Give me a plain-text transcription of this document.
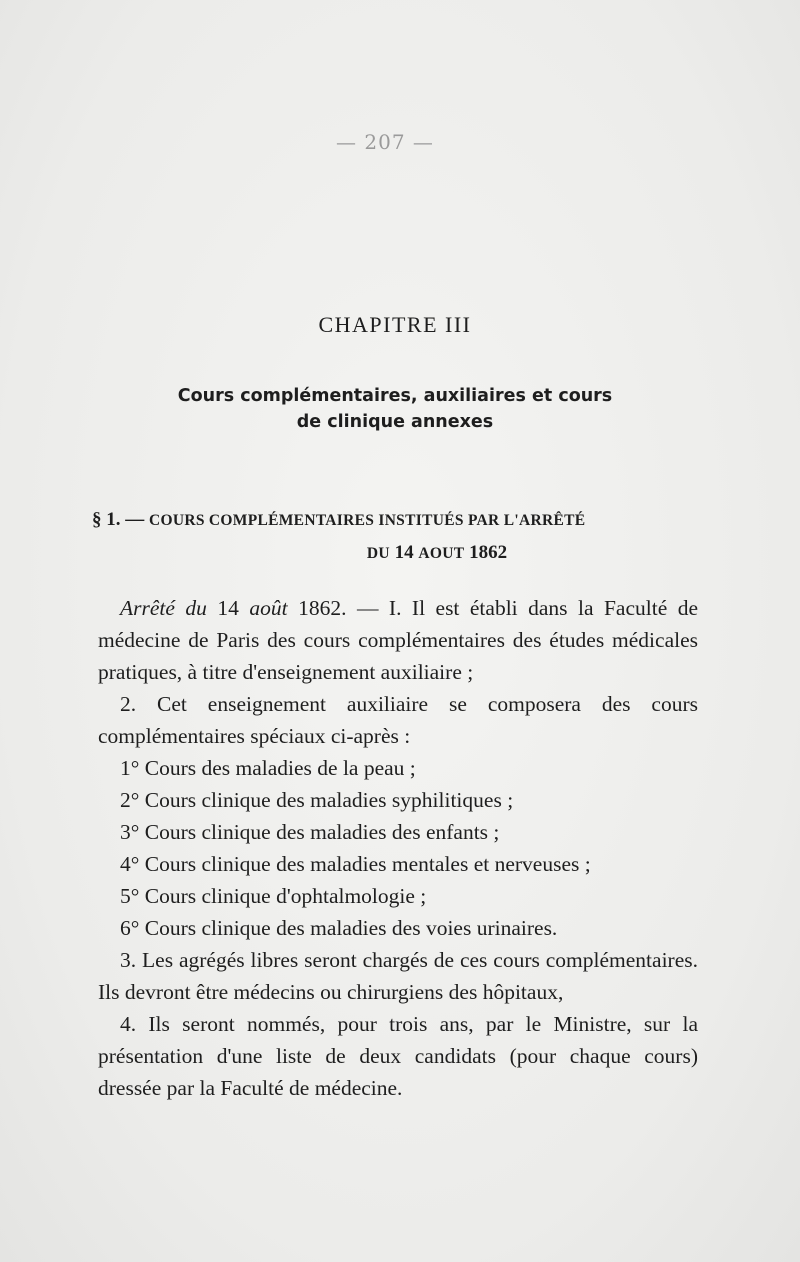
— 207 —
CHAPITRE III
Cours complémentaires, auxiliaires et cours
de clinique annexes
§ 1. — COURS COMPLÉMENTAIRES INSTITUÉS PAR L'ARRÊTÉ
DU 14 AOUT 1862

Arrêté du 14 août 1862. — I. Il est établi dans la Faculté de médecine de Paris des cours complémentaires des études médicales pratiques, à titre d'enseignement auxiliaire ;

2. Cet enseignement auxiliaire se composera des cours complémentaires spéciaux ci-après :

1° Cours des maladies de la peau ;

2° Cours clinique des maladies syphilitiques ;

3° Cours clinique des maladies des enfants ;

4° Cours clinique des maladies mentales et nerveuses ;

5° Cours clinique d'ophtalmologie ;

6° Cours clinique des maladies des voies urinaires.

3. Les agrégés libres seront chargés de ces cours complémentaires. Ils devront être médecins ou chirurgiens des hôpitaux,

4. Ils seront nommés, pour trois ans, par le Ministre, sur la présentation d'une liste de deux candidats (pour chaque cours) dressée par la Faculté de médecine.
